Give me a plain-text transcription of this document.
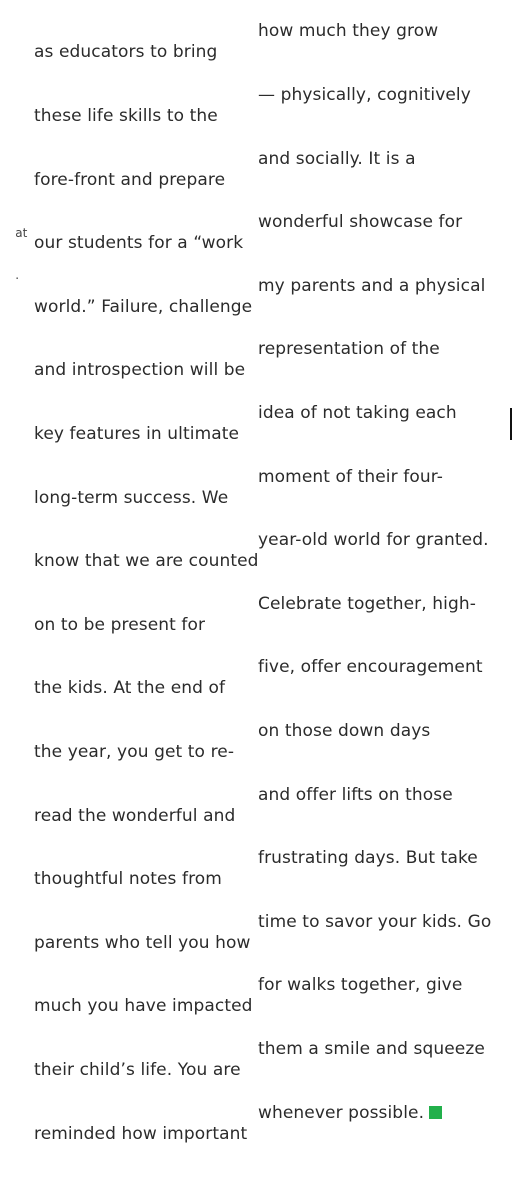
at

.

as educators to bring

these life skills to the

fore-front and prepare

our students for a “work

world.” Failure, challenge

and introspection will be

key features in ultimate

long-term success. We

know that we are counted

on to be present for

the kids. At the end of

the year, you get to re-

read the wonderful and

thoughtful notes from

parents who tell you how

much you have impacted

their child’s life. You are

reminded how important

how much they grow

— physically, cognitively

and socially. It is a

wonderful showcase for

my parents and a physical

representation of the

idea of not taking each

moment of their four-

year-old world for granted.

Celebrate together, high-

five, offer encouragement

on those down days

and offer lifts on those

frustrating days. But take

time to savor your kids. Go

for walks together, give

them a smile and squeeze

whenever possible.
